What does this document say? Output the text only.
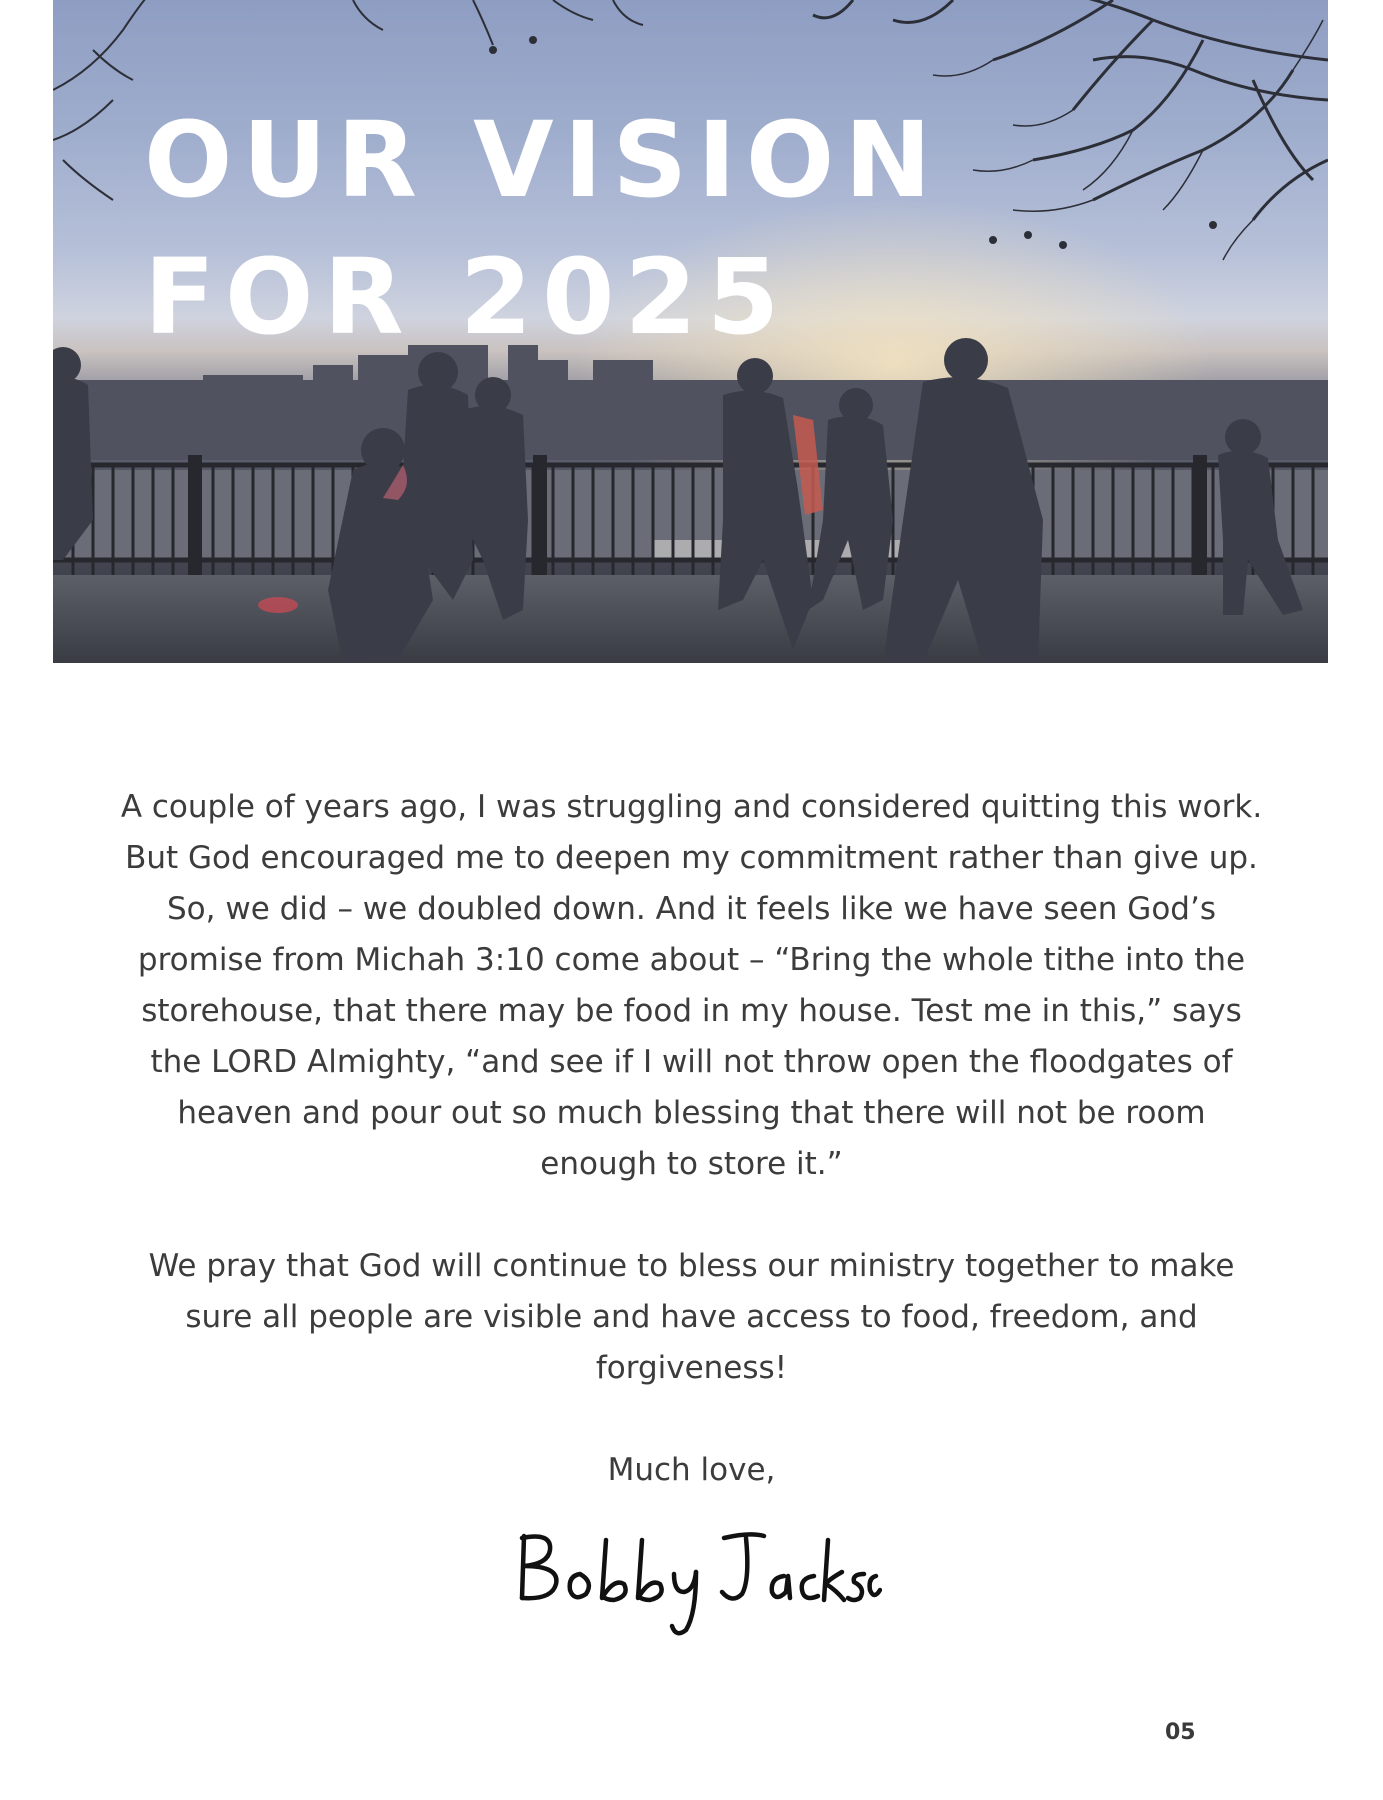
OUR VISION
FOR 2025

A couple of years ago, I was struggling and considered quitting this work. But God encouraged me to deepen my commitment rather than give up. So, we did – we doubled down. And it feels like we have seen God’s promise from Michah 3:10 come about – “Bring the whole tithe into the storehouse, that there may be food in my house. Test me in this,” says the LORD Almighty, “and see if I will not throw open the floodgates of heaven and pour out so much blessing that there will not be room enough to store it.”

We pray that God will continue to bless our ministry together to make sure all people are visible and have access to food, freedom, and forgiveness!

Much love,

05
